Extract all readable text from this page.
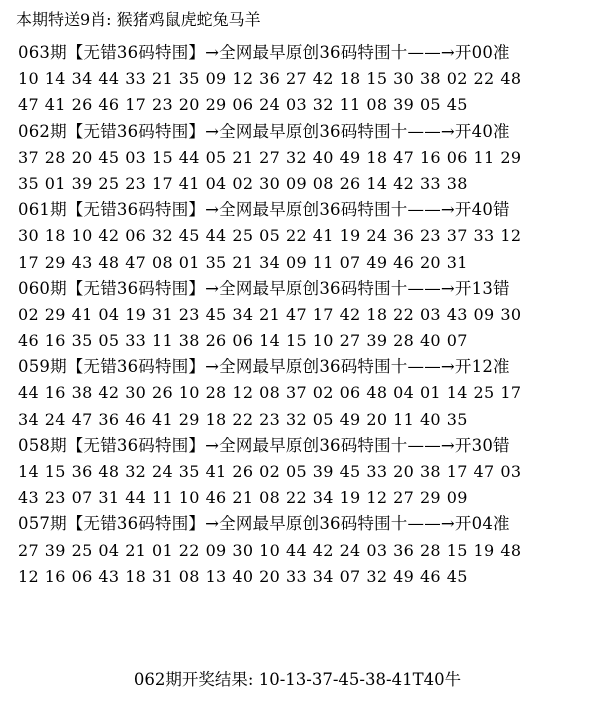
本期特送9肖: 猴猪鸡鼠虎蛇兔马羊
063期【无错36码特围】→全网最早原创36码特围十——→开00准
10 14 34 44 33 21 35 09 12 36 27 42 18 15 30 38 02 22 48
47 41 26 46 17 23 20 29 06 24 03 32 11 08 39 05 45
062期【无错36码特围】→全网最早原创36码特围十——→开40准
37 28 20 45 03 15 44 05 21 27 32 40 49 18 47 16 06 11 29
35 01 39 25 23 17 41 04 02 30 09 08 26 14 42 33 38
061期【无错36码特围】→全网最早原创36码特围十——→开40错
30 18 10 42 06 32 45 44 25 05 22 41 19 24 36 23 37 33 12
17 29 43 48 47 08 01 35 21 34 09 11 07 49 46 20 31
060期【无错36码特围】→全网最早原创36码特围十——→开13错
02 29 41 04 19 31 23 45 34 21 47 17 42 18 22 03 43 09 30
46 16 35 05 33 11 38 26 06 14 15 10 27 39 28 40 07
059期【无错36码特围】→全网最早原创36码特围十——→开12准
44 16 38 42 30 26 10 28 12 08 37 02 06 48 04 01 14 25 17
34 24 47 36 46 41 29 18 22 23 32 05 49 20 11 40 35
058期【无错36码特围】→全网最早原创36码特围十——→开30错
14 15 36 48 32 24 35 41 26 02 05 39 45 33 20 38 17 47 03
43 23 07 31 44 11 10 46 21 08 22 34 19 12 27 29 09
057期【无错36码特围】→全网最早原创36码特围十——→开04准
27 39 25 04 21 01 22 09 30 10 44 42 24 03 36 28 15 19 48
12 16 06 43 18 31 08 13 40 20 33 34 07 32 49 46 45
062期开奖结果: 10-13-37-45-38-41T40牛
